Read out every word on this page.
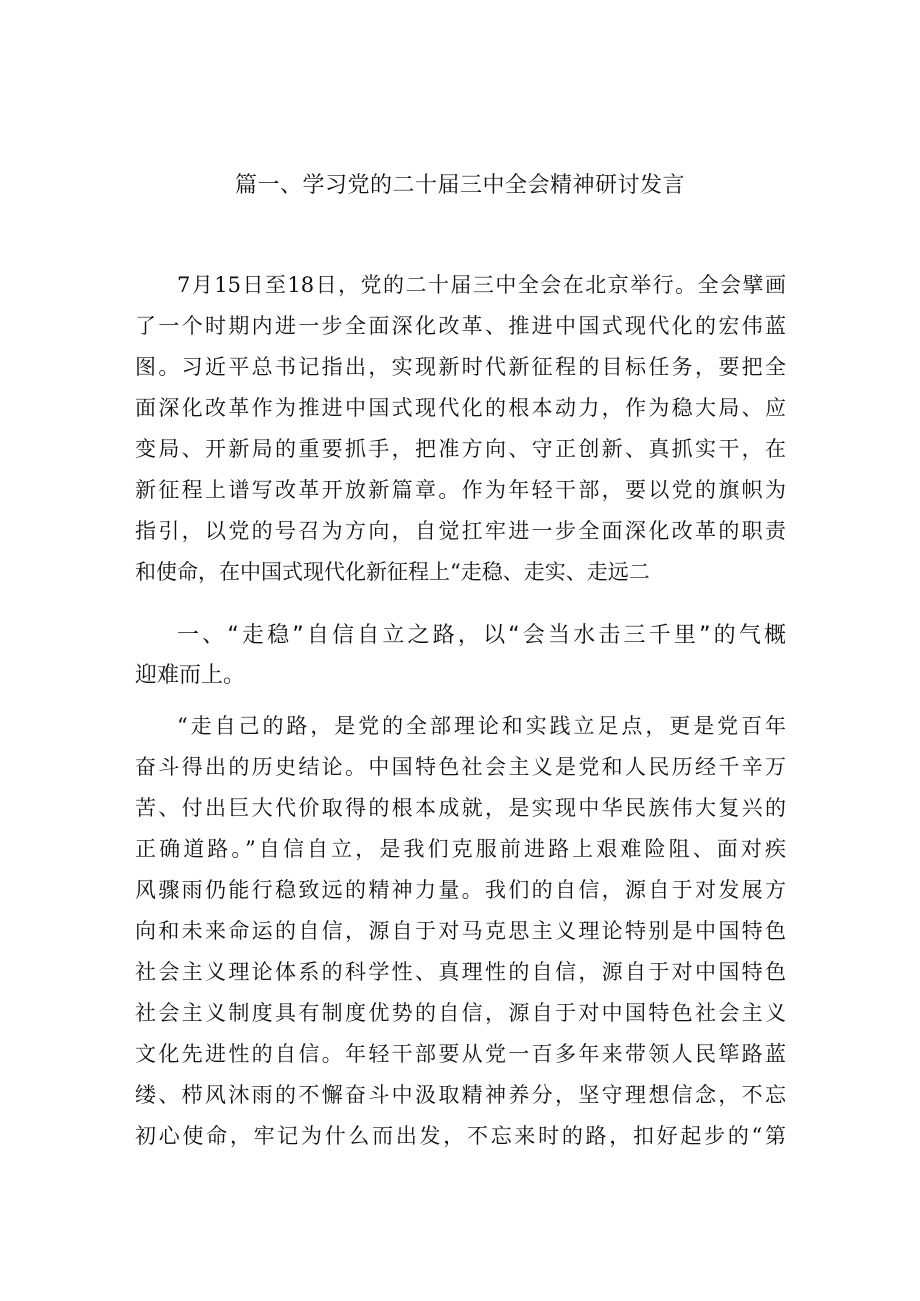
篇一、学习党的二十届三中全会精神研讨发言
7月15日至18日，党的二十届三中全会在北京举行。全会擘画
了一个时期内进一步全面深化改革、推进中国式现代化的宏伟蓝
图。习近平总书记指出，实现新时代新征程的目标任务，要把全
面深化改革作为推进中国式现代化的根本动力，作为稳大局、应
变局、开新局的重要抓手，把准方向、守正创新、真抓实干，在
新征程上谱写改革开放新篇章。作为年轻干部，要以党的旗帜为
指引，以党的号召为方向，自觉扛牢进一步全面深化改革的职责
和使命，在中国式现代化新征程上“走稳、走实、走远二
一、“走稳”自信自立之路，以“会当水击三千里”的气概
迎难而上。
“走自己的路，是党的全部理论和实践立足点，更是党百年
奋斗得出的历史结论。中国特色社会主义是党和人民历经千辛万
苦、付出巨大代价取得的根本成就，是实现中华民族伟大复兴的
正确道路。”自信自立，是我们克服前进路上艰难险阻、面对疾
风骤雨仍能行稳致远的精神力量。我们的自信，源自于对发展方
向和未来命运的自信，源自于对马克思主义理论特别是中国特色
社会主义理论体系的科学性、真理性的自信，源自于对中国特色
社会主义制度具有制度优势的自信，源自于对中国特色社会主义
文化先进性的自信。年轻干部要从党一百多年来带领人民筚路蓝
缕、栉风沐雨的不懈奋斗中汲取精神养分，坚守理想信念，不忘
初心使命，牢记为什么而出发，不忘来时的路，扣好起步的“第
